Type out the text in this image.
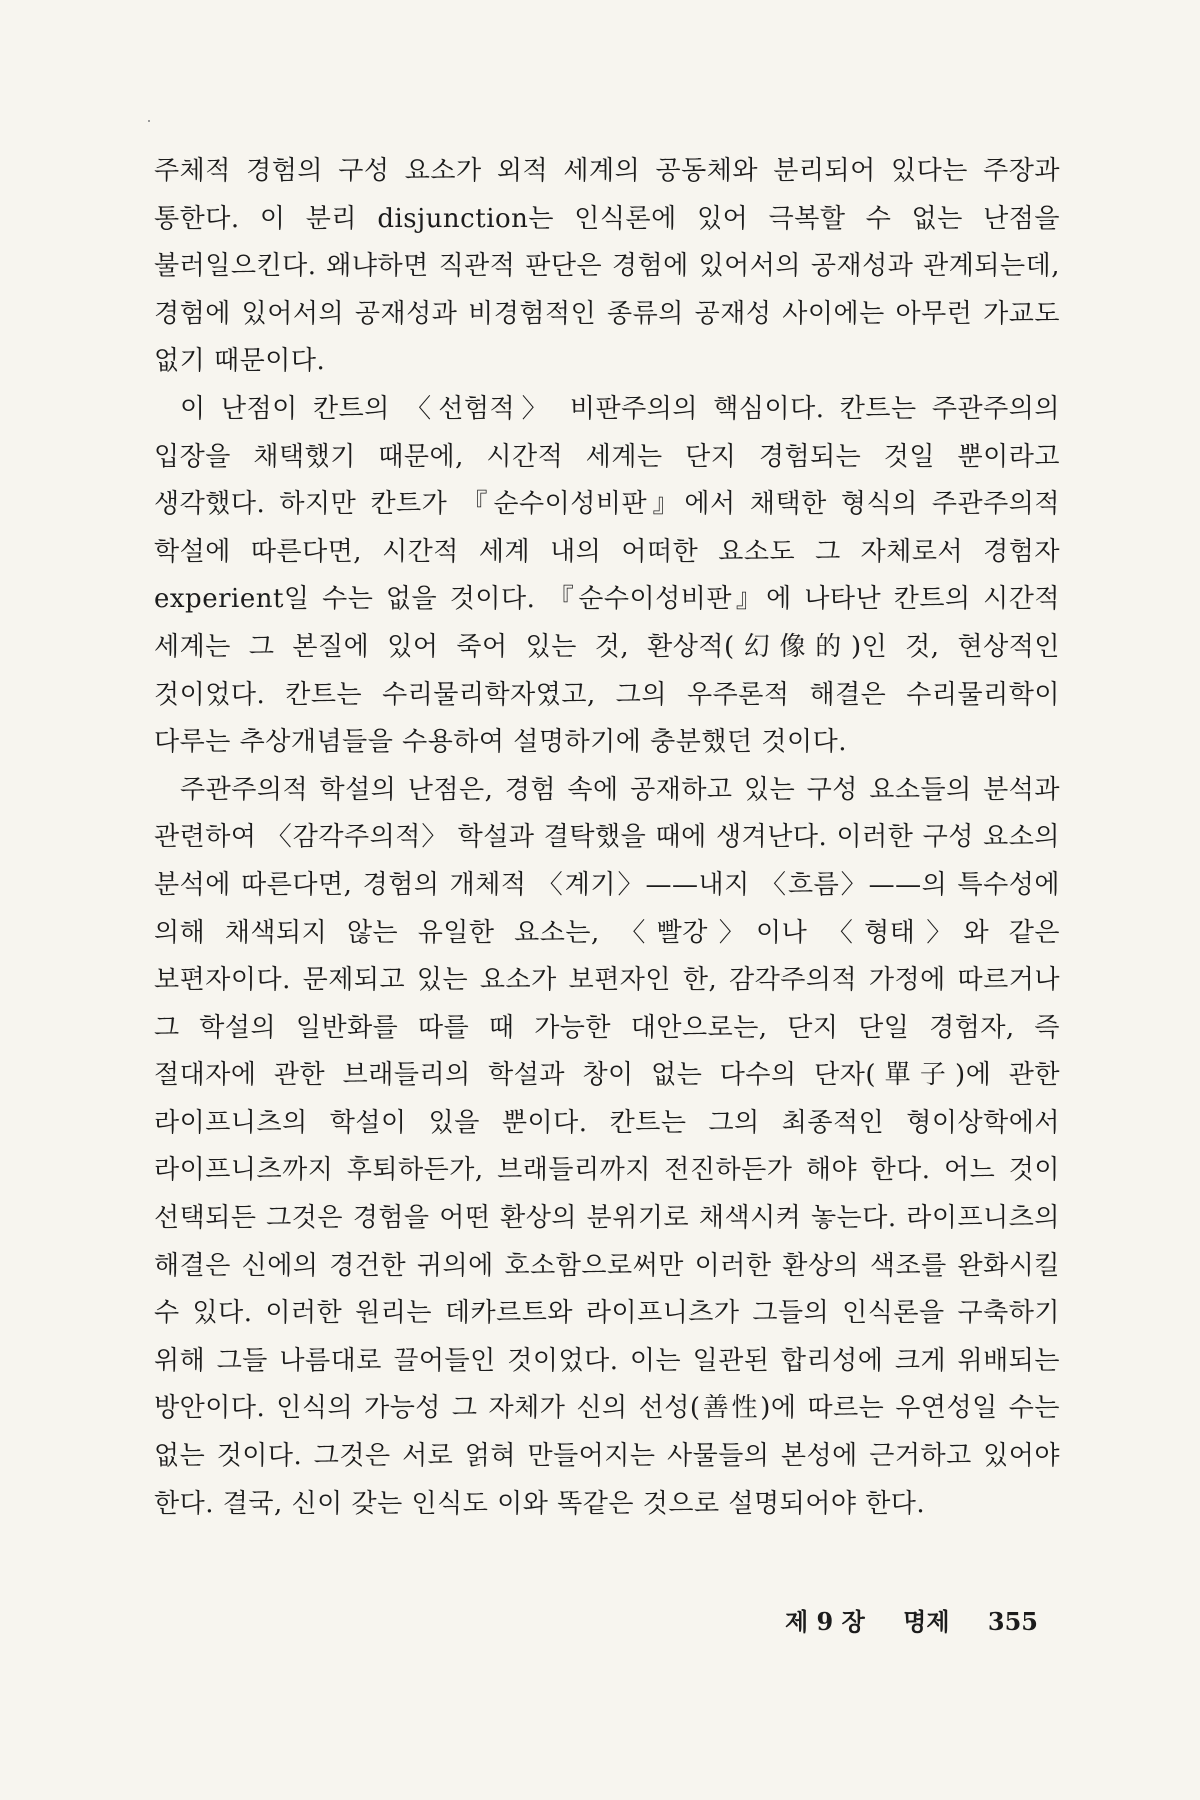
주체적 경험의 구성 요소가 외적 세계의 공동체와 분리되어 있다는 주장과 통한다. 이 분리 disjunction는 인식론에 있어 극복할 수 없는 난점을 불러일으킨다. 왜냐하면 직관적 판단은 경험에 있어서의 공재성과 관계되는데, 경험에 있어서의 공재성과 비경험적인 종류의 공재성 사이에는 아무런 가교도 없기 때문이다.

이 난점이 칸트의 〈선험적〉 비판주의의 핵심이다. 칸트는 주관주의의 입장을 채택했기 때문에, 시간적 세계는 단지 경험되는 것일 뿐이라고 생각했다. 하지만 칸트가 『순수이성비판』에서 채택한 형식의 주관주의적 학설에 따른다면, 시간적 세계 내의 어떠한 요소도 그 자체로서 경험자 experient일 수는 없을 것이다. 『순수이성비판』에 나타난 칸트의 시간적 세계는 그 본질에 있어 죽어 있는 것, 환상적(幻像的)인 것, 현상적인 것이었다. 칸트는 수리물리학자였고, 그의 우주론적 해결은 수리물리학이 다루는 추상개념들을 수용하여 설명하기에 충분했던 것이다.

주관주의적 학설의 난점은, 경험 속에 공재하고 있는 구성 요소들의 분석과 관련하여 〈감각주의적〉 학설과 결탁했을 때에 생겨난다. 이러한 구성 요소의 분석에 따른다면, 경험의 개체적 〈계기〉——내지 〈흐름〉——의 특수성에 의해 채색되지 않는 유일한 요소는, 〈빨강〉이나 〈형태〉와 같은 보편자이다. 문제되고 있는 요소가 보편자인 한, 감각주의적 가정에 따르거나 그 학설의 일반화를 따를 때 가능한 대안으로는, 단지 단일 경험자, 즉 절대자에 관한 브래들리의 학설과 창이 없는 다수의 단자(單子)에 관한 라이프니츠의 학설이 있을 뿐이다. 칸트는 그의 최종적인 형이상학에서 라이프니츠까지 후퇴하든가, 브래들리까지 전진하든가 해야 한다. 어느 것이 선택되든 그것은 경험을 어떤 환상의 분위기로 채색시켜 놓는다. 라이프니츠의 해결은 신에의 경건한 귀의에 호소함으로써만 이러한 환상의 색조를 완화시킬 수 있다. 이러한 원리는 데카르트와 라이프니츠가 그들의 인식론을 구축하기 위해 그들 나름대로 끌어들인 것이었다. 이는 일관된 합리성에 크게 위배되는 방안이다. 인식의 가능성 그 자체가 신의 선성(善性)에 따르는 우연성일 수는 없는 것이다. 그것은 서로 얽혀 만들어지는 사물들의 본성에 근거하고 있어야 한다. 결국, 신이 갖는 인식도 이와 똑같은 것으로 설명되어야 한다.

제 9 장 명제 355
